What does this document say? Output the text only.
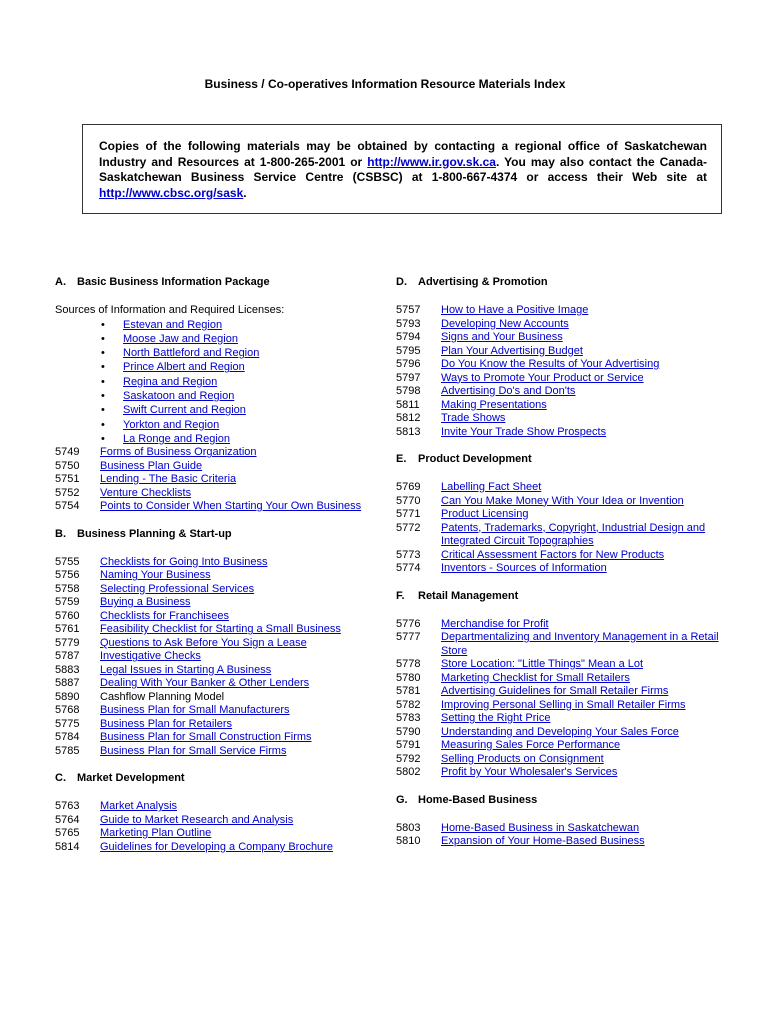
Business / Co-operatives Information Resource Materials Index
Copies of the following materials may be obtained by contacting a regional office of Saskatchewan Industry and Resources at 1-800-265-2001 or http://www.ir.gov.sk.ca. You may also contact the Canada-Saskatchewan Business Service Centre (CSBSC) at 1-800-667-4374 or access their Web site at http://www.cbsc.org/sask.
A. Basic Business Information Package
Sources of Information and Required Licenses:
• Estevan and Region
• Moose Jaw and Region
• North Battleford and Region
• Prince Albert and Region
• Regina and Region
• Saskatoon and Region
• Swift Current and Region
• Yorkton and Region
• La Ronge and Region
5749	Forms of Business Organization
5750	Business Plan Guide
5751	Lending - The Basic Criteria
5752	Venture Checklists
5754	Points to Consider When Starting Your Own Business
B. Business Planning & Start-up
5755	Checklists for Going Into Business
5756	Naming Your Business
5758	Selecting Professional Services
5759	Buying a Business
5760	Checklists for Franchisees
5761	Feasibility Checklist for Starting a Small Business
5779	Questions to Ask Before You Sign a Lease
5787	Investigative Checks
5883	Legal Issues in Starting A Business
5887	Dealing With Your Banker & Other Lenders
5890	Cashflow Planning Model
5768	Business Plan for Small Manufacturers
5775	Business Plan for Retailers
5784	Business Plan for Small Construction Firms
5785	Business Plan for Small Service Firms
C. Market Development
5763	Market Analysis
5764	Guide to Market Research and Analysis
5765	Marketing Plan Outline
5814	Guidelines for Developing a Company Brochure
D. Advertising & Promotion
5757	How to Have a Positive Image
5793	Developing New Accounts
5794	Signs and Your Business
5795	Plan Your Advertising Budget
5796	Do You Know the Results of Your Advertising
5797	Ways to Promote Your Product or Service
5798	Advertising Do's and Don'ts
5811	Making Presentations
5812	Trade Shows
5813	Invite Your Trade Show Prospects
E. Product Development
5769	Labelling Fact Sheet
5770	Can You Make Money With Your Idea or Invention
5771	Product Licensing
5772	Patents, Trademarks, Copyright, Industrial Design and Integrated Circuit Topographies
5773	Critical Assessment Factors for New Products
5774	Inventors - Sources of Information
F. Retail Management
5776	Merchandise for Profit
5777	Departmentalizing and Inventory Management in a Retail Store
5778	Store Location: "Little Things" Mean a Lot
5780	Marketing Checklist for Small Retailers
5781	Advertising Guidelines for Small Retailer Firms
5782	Improving Personal Selling in Small Retailer Firms
5783	Setting the Right Price
5790	Understanding and Developing Your Sales Force
5791	Measuring Sales Force Performance
5792	Selling Products on Consignment
5802	Profit by Your Wholesaler's Services
G. Home-Based Business
5803	Home-Based Business in Saskatchewan
5810	Expansion of Your Home-Based Business
